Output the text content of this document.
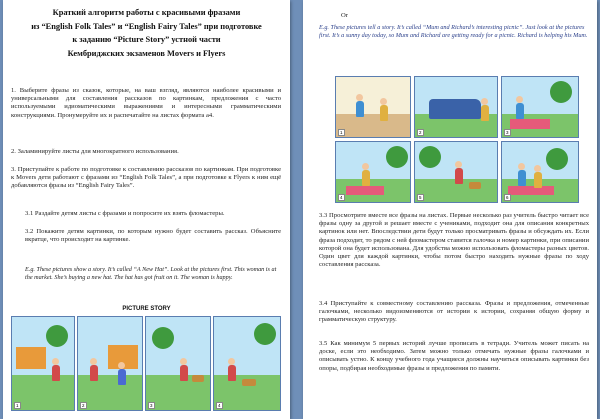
Краткий алгоритм работы с красивыми фразами
из “English Folk Tales” и “English Fairy Tales” при подготовке
к заданию “Picture Story” устной части
Кембриджских экзаменов Movers и Flyers
1. Выберите фразы из сказок, которые, на ваш взгляд, являются наиболее красивыми и универсальными для составления рассказов по картинкам, предложения с часто используемыми идиоматическими выражениями и интересными грамматическими конструкциями. Пронумеруйте их и распечатайте на листах формата а4.
2. Заламинируйте листы для многократного использования.
3. Приступайте к работе по подготовке к составлению рассказов по картинкам. При подготовке к Movers дети работают с фразами из “English Folk Tales”, а при подготовке к Flyers к ним ещё добавляются фразы из “English Fairy Tales”.
3.1 Раздайте детям листы с фразами и попросите их взять фломастеры.
3.2 Покажите детям картинки, по которым нужно будет составить рассказ. Объясните вкратце, что происходит на картинке.
E.g. These pictures show a story. It’s called “A New Hat”. Look at the pictures first. This woman is at the market. She’s buying a new hat. The hat has got fruit on it. The woman is happy.
PICTURE STORY
1	2	3	4
Or
E.g. These pictures tell a story. It’s called “Mum and Richard’s interesting picnic”. Just look at the pictures first. It’s a sunny day today, so Mum and Richard are getting ready for a picnic. Richard is helping his Mum.
1	2	3
4	5	6
3.3 Просмотрите вместе все фразы на листах. Первые несколько раз учитель быстро читает все фразы одну за другой и решает вместе с учениками, подходит она для описания конкретных картинок или нет. Впоследствии дети будут только просматривать фразы и обсуждать их. Если фраза подходит, то рядом с ней фломастером ставится галочка и номер картинки, при описании которой она будет использована. Для удобства можно использовать фломастеры разных цветов. Один цвет для каждой картинки, чтобы потом быстро находить нужные фразы по ходу составления рассказа.
3.4 Приступайте к совместному составлению рассказа. Фразы и предложения, отмеченные галочками, несколько видоизменяются от истории к истории, сохраняя общую форму и грамматическую структуру.
3.5 Как минимум 5 первых историй лучше прописать в тетради. Учитель может писать на доске, если это необходимо. Затем можно только отмечать нужные фразы галочками и описывать устно. К концу учебного года учащиеся должны научиться описывать картинки без опоры, подбирая необходимые фразы и предложения по памяти.
